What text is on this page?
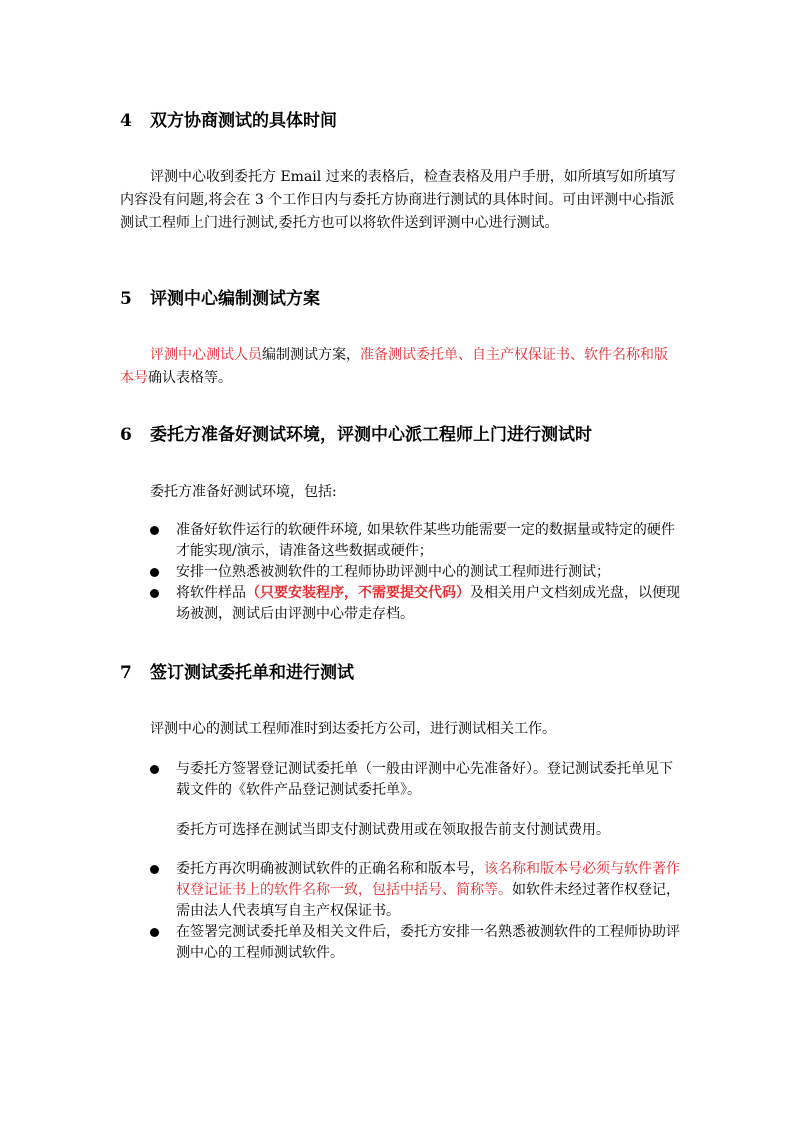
4 双方协商测试的具体时间

评测中心收到委托方 Email 过来的表格后，检查表格及用户手册，如所填写如所填写内容没有问题,将会在 3 个工作日内与委托方协商进行测试的具体时间。可由评测中心指派测试工程师上门进行测试,委托方也可以将软件送到评测中心进行测试。

5 评测中心编制测试方案

评测中心测试人员编制测试方案，准备测试委托单、自主产权保证书、软件名称和版本号确认表格等。

6 委托方准备好测试环境，评测中心派工程师上门进行测试时

委托方准备好测试环境，包括:

准备好软件运行的软硬件环境, 如果软件某些功能需要一定的数据量或特定的硬件才能实现/演示，请准备这些数据或硬件；
安排一位熟悉被测软件的工程师协助评测中心的测试工程师进行测试；
将软件样品（只要安装程序，不需要提交代码）及相关用户文档刻成光盘，以便现场被测，测试后由评测中心带走存档。
7 签订测试委托单和进行测试

评测中心的测试工程师准时到达委托方公司，进行测试相关工作。

与委托方签署登记测试委托单（一般由评测中心先准备好）。登记测试委托单见下载文件的《软件产品登记测试委托单》。

委托方可选择在测试当即支付测试费用或在领取报告前支付测试费用。

委托方再次明确被测试软件的正确名称和版本号，该名称和版本号必须与软件著作权登记证书上的软件名称一致，包括中括号、简称等。如软件未经过著作权登记，需由法人代表填写自主产权保证书。
在签署完测试委托单及相关文件后，委托方安排一名熟悉被测软件的工程师协助评测中心的工程师测试软件。
